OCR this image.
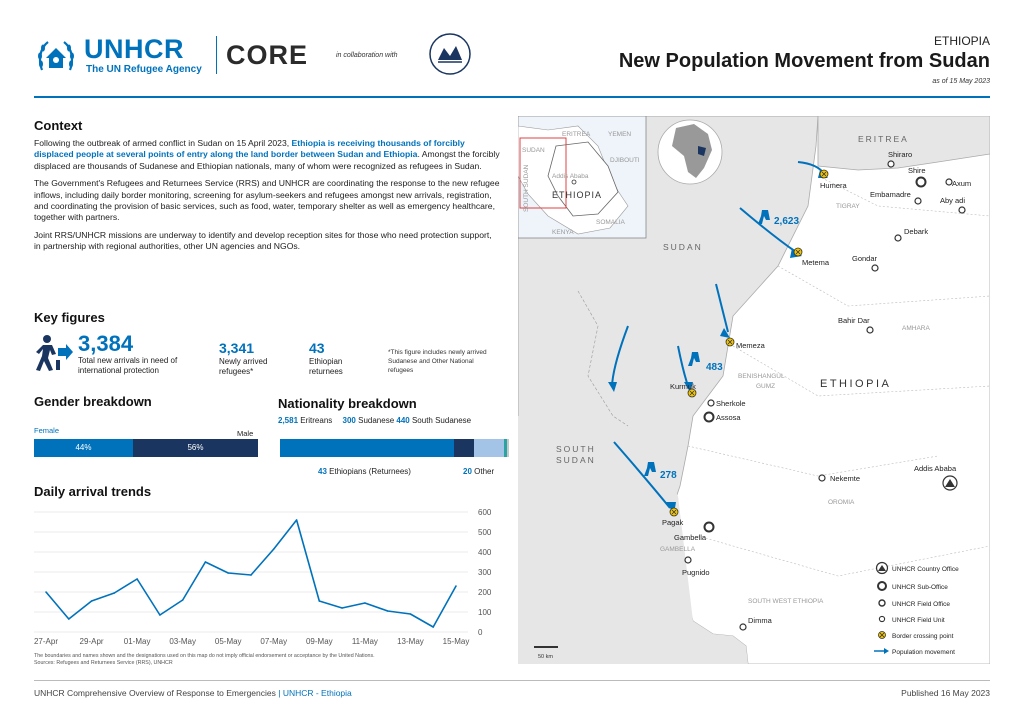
UNHCR
The UN Refugee Agency CORE	in collaboration with
ETHIOPIA
New Population Movement from Sudan
as of 15 May 2023
Context

Following the outbreak of armed conflict in Sudan on 15 April 2023, Ethiopia is receiving thousands of forcibly displaced people at several points of entry along the land border between Sudan and Ethiopia. Amongst the forcibly displaced are thousands of Sudanese and Ethiopian nationals, many of whom were recognized as refugees in Sudan.

The Government's Refugees and Returnees Service (RRS) and UNHCR are coordinating the response to the new refugee inflows, including daily border monitoring, screening for asylum-seekers and refugees amongst new arrivals, registration, and coordinating the provision of basic services, such as food, water, temporary shelter as well as emergency healthcare, together with partners.

Joint RRS/UNHCR missions are underway to identify and develop reception sites for those who need protection support, in partnership with regional authorities, other UN agencies and NGOs.

Key figures
3,384
Total new arrivals in need of international protection
3,341
Newly arrived refugees*
43
Ethiopian returnees
*This figure includes newly arrived Sudanese and Other National refugees
Gender breakdown
Female	Male
44%	56%
Nationality breakdown
2,581 Eritreans 300 Sudanese 440 South Sudanese
43 Ethiopians (Returnees)	20 Other
Daily arrival trends
0
100
200
300
400
500
600
27-Apr	29-Apr	01-May 03-May 05-May 07-May 09-May 11-May 13-May 15-May
The boundaries and names shown and the designations used on this map do not imply official endorsement or acceptance by the United Nations.
Sources: Refugees and Returnees Service (RRS), UNHCR
ERITREA	YEMEN
SUDAN
DJIBOUTI
Addis Ababa
ETHIOPIA
SOMALIA
KENYA
SOUTH SUDAN
ERITREA
SUDAN
SOUTH
SUDAN
ETHIOPIA
TIGRAY
AMHARA
BENISHANGUL
GUMZ
OROMIA
GAMBELLA
SOUTH WEST ETHIOPIA
2,623
483
278
Humera
Shiraro
Shire
Axum
Embamadre
Aby adi
Debark
Gondar
Metema
Bahir Dar
Memeza
Kurmuk
Sherkole
Assosa
Nekemte
Addis Ababa
Pagak
Gambella
Pugnido
Dimma
50 km
UNHCR Country Office
UNHCR Sub-Office
UNHCR Field Office
UNHCR Field Unit
Border crossing point
Population movement
UNHCR Comprehensive Overview of Response to Emergencies | UNHCR - Ethiopia	Published 16 May 2023
